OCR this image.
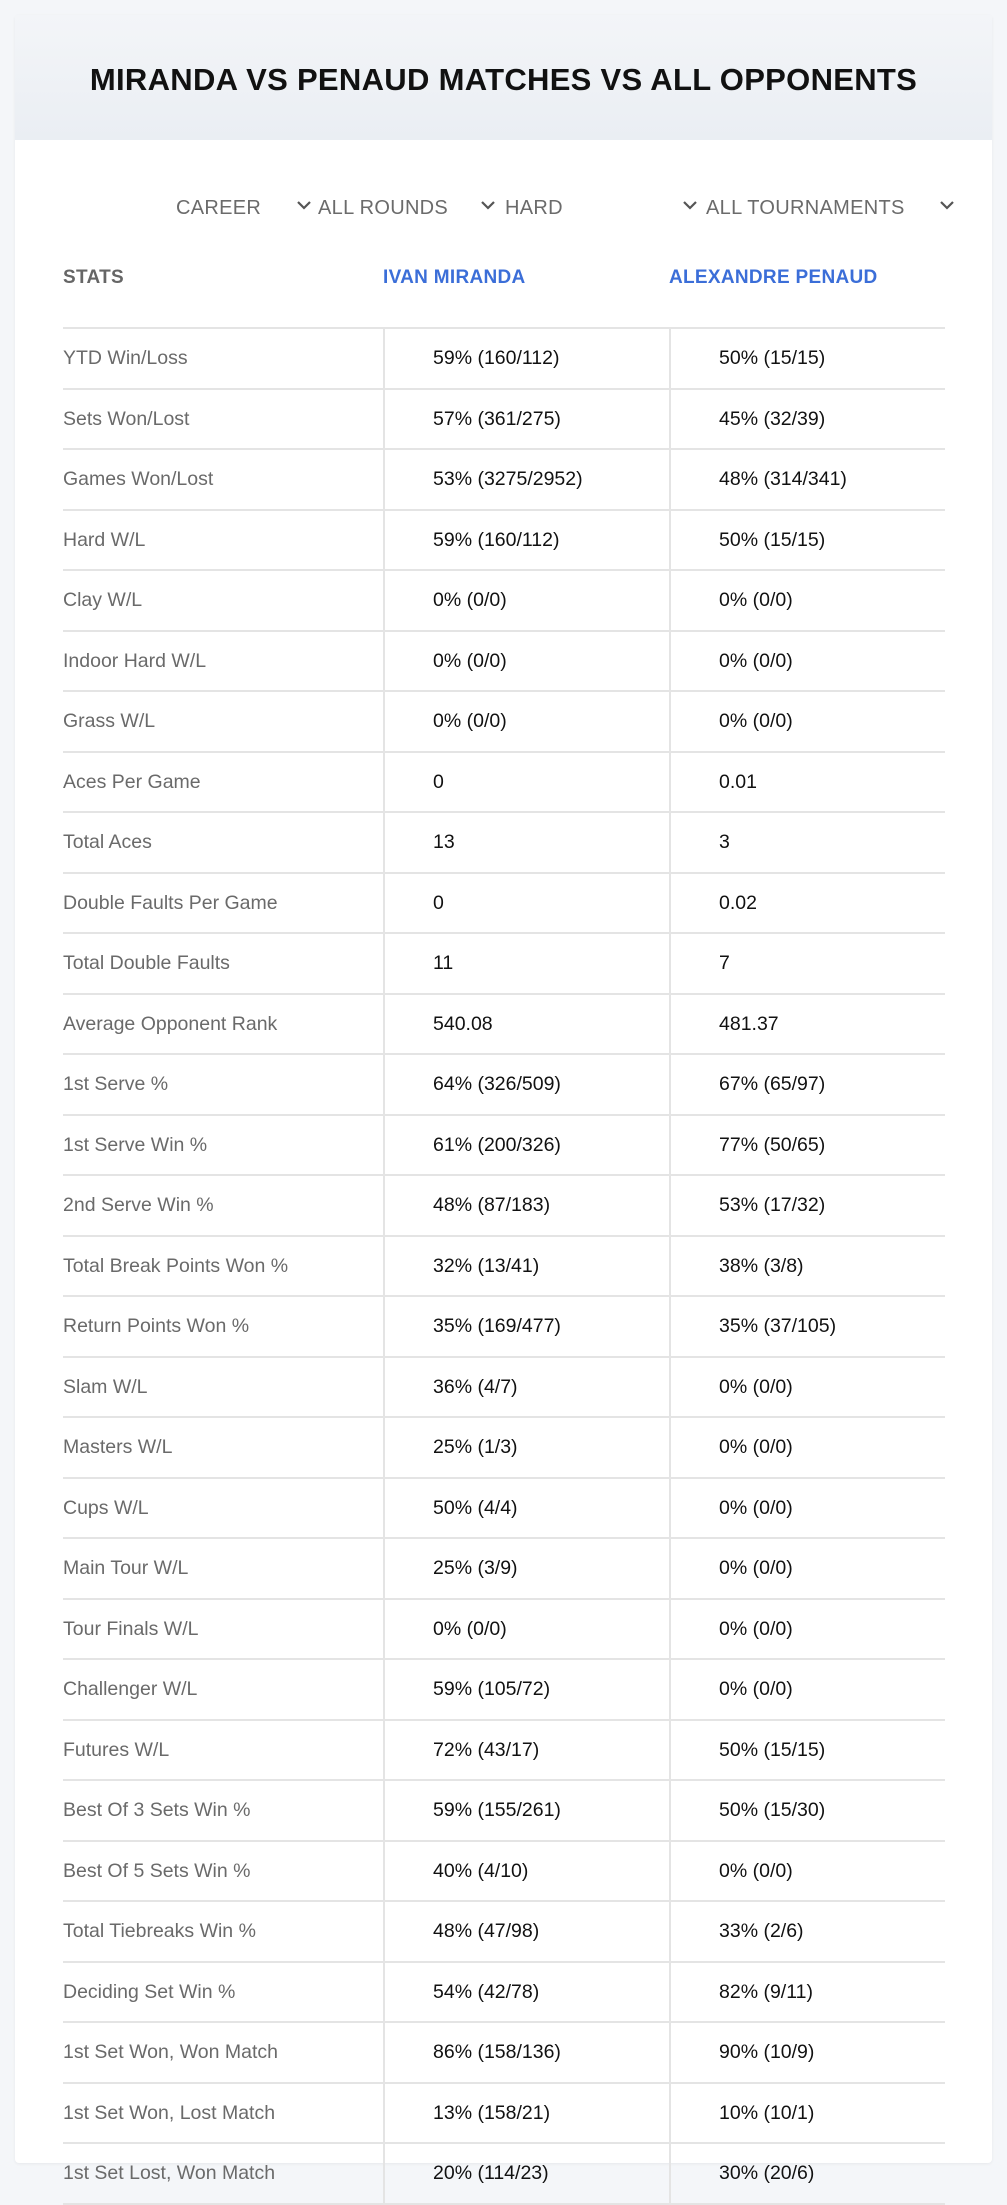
MIRANDA VS PENAUD MATCHES VS ALL OPPONENTS
CAREER	ALL ROUNDS	HARD	ALL TOURNAMENTS
STATS	IVAN MIRANDA	ALEXANDRE PENAUD
YTD Win/Loss	59% (160/112)	50% (15/15)
Sets Won/Lost	57% (361/275)	45% (32/39)
Games Won/Lost	53% (3275/2952)	48% (314/341)
Hard W/L	59% (160/112)	50% (15/15)
Clay W/L	0% (0/0)	0% (0/0)
Indoor Hard W/L	0% (0/0)	0% (0/0)
Grass W/L	0% (0/0)	0% (0/0)
Aces Per Game	0	0.01
Total Aces	13	3
Double Faults Per Game	0	0.02
Total Double Faults	11	7
Average Opponent Rank	540.08	481.37
1st Serve %	64% (326/509)	67% (65/97)
1st Serve Win %	61% (200/326)	77% (50/65)
2nd Serve Win %	48% (87/183)	53% (17/32)
Total Break Points Won %	32% (13/41)	38% (3/8)
Return Points Won %	35% (169/477)	35% (37/105)
Slam W/L	36% (4/7)	0% (0/0)
Masters W/L	25% (1/3)	0% (0/0)
Cups W/L	50% (4/4)	0% (0/0)
Main Tour W/L	25% (3/9)	0% (0/0)
Tour Finals W/L	0% (0/0)	0% (0/0)
Challenger W/L	59% (105/72)	0% (0/0)
Futures W/L	72% (43/17)	50% (15/15)
Best Of 3 Sets Win %	59% (155/261)	50% (15/30)
Best Of 5 Sets Win %	40% (4/10)	0% (0/0)
Total Tiebreaks Win %	48% (47/98)	33% (2/6)
Deciding Set Win %	54% (42/78)	82% (9/11)
1st Set Won, Won Match	86% (158/136)	90% (10/9)
1st Set Won, Lost Match	13% (158/21)	10% (10/1)
1st Set Lost, Won Match	20% (114/23)	30% (20/6)
